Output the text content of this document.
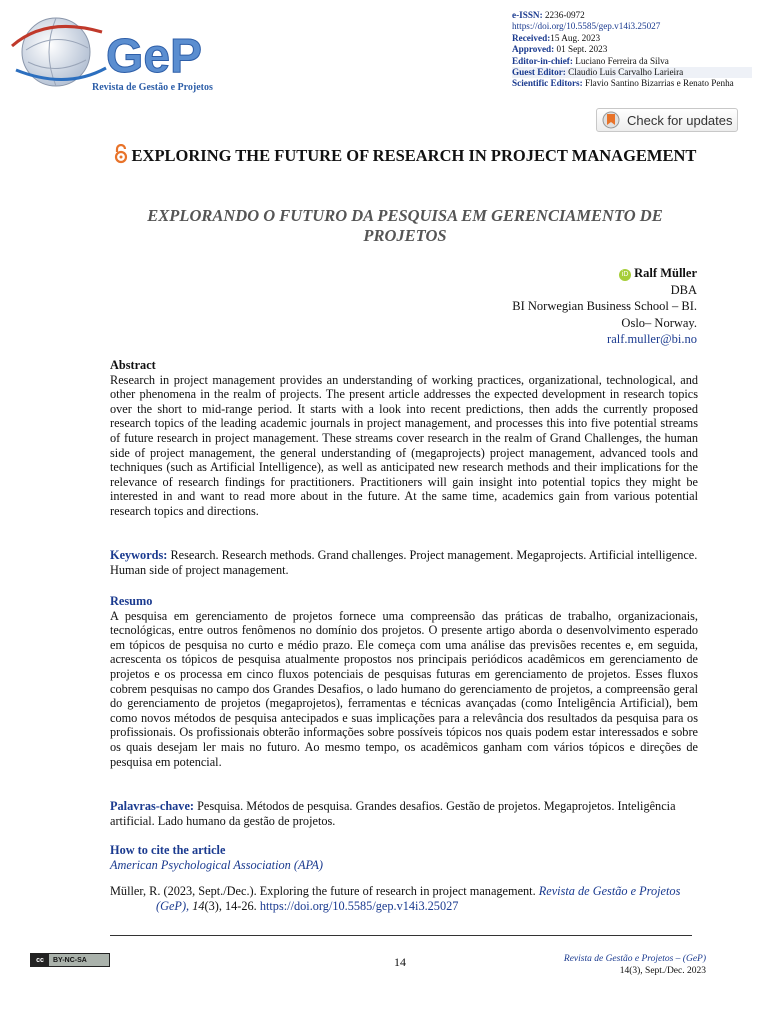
GeP
Revista de Gestão e Projetos
e-ISSN: 2236-0972
https://doi.org/10.5585/gep.v14i3.25027
Received:15 Aug. 2023
Approved: 01 Sept. 2023
Editor-in-chief: Luciano Ferreira da Silva
Guest Editor: Claudio Luis Carvalho Larieira
Scientific Editors: Flavio Santino Bizarrias e Renato Penha
Check for updates
EXPLORING THE FUTURE OF RESEARCH IN PROJECT MANAGEMENT
EXPLORANDO O FUTURO DA PESQUISA EM GERENCIAMENTO DE PROJETOS
iD Ralf Müller
DBA
BI Norwegian Business School – BI.
Oslo– Norway.
ralf.muller@bi.no
Abstract
Research in project management provides an understanding of working practices, organizational, technological, and other phenomena in the realm of projects. The present article addresses the expected development in research topics over the short to mid-range period. It starts with a look into recent predictions, then adds the currently proposed research topics of the leading academic journals in project management, and processes this into five potential streams of future research in project management. These streams cover research in the realm of Grand Challenges, the human side of project management, the general understanding of (megaprojects) project management, advanced tools and techniques (such as Artificial Intelligence), as well as anticipated new research methods and their implications for the relevance of research findings for practitioners. Practitioners will gain insight into potential topics they might be interested in and want to read more about in the future. At the same time, academics gain from various potential research topics and directions.
Keywords: Research. Research methods. Grand challenges. Project management. Megaprojects. Artificial intelligence. Human side of project management.
Resumo
A pesquisa em gerenciamento de projetos fornece uma compreensão das práticas de trabalho, organizacionais, tecnológicas, entre outros fenômenos no domínio dos projetos. O presente artigo aborda o desenvolvimento esperado em tópicos de pesquisa no curto e médio prazo. Ele começa com uma análise das previsões recentes e, em seguida, acrescenta os tópicos de pesquisa atualmente propostos nos principais periódicos acadêmicos em gerenciamento de projetos e os processa em cinco fluxos potenciais de pesquisas futuras em gerenciamento de projetos. Esses fluxos cobrem pesquisas no campo dos Grandes Desafios, o lado humano do gerenciamento de projetos, a compreensão geral do gerenciamento de projetos (megaprojetos), ferramentas e técnicas avançadas (como Inteligência Artificial), bem como novos métodos de pesquisa antecipados e suas implicações para a relevância dos resultados da pesquisa para os profissionais. Os profissionais obterão informações sobre possíveis tópicos nos quais podem estar interessados e sobre os quais desejam ler mais no futuro. Ao mesmo tempo, os acadêmicos ganham com vários tópicos e direções de pesquisa em potencial.
Palavras-chave: Pesquisa. Métodos de pesquisa. Grandes desafios. Gestão de projetos. Megaprojetos. Inteligência artificial. Lado humano da gestão de projetos.
How to cite the article
American Psychological Association (APA)
Müller, R. (2023, Sept./Dec.). Exploring the future of research in project management. Revista de Gestão e Projetos (GeP), 14(3), 14-26. https://doi.org/10.5585/gep.v14i3.25027
cc	BY-NC-SA	14	Revista de Gestão e Projetos – (GeP)
14(3), Sept./Dec. 2023
